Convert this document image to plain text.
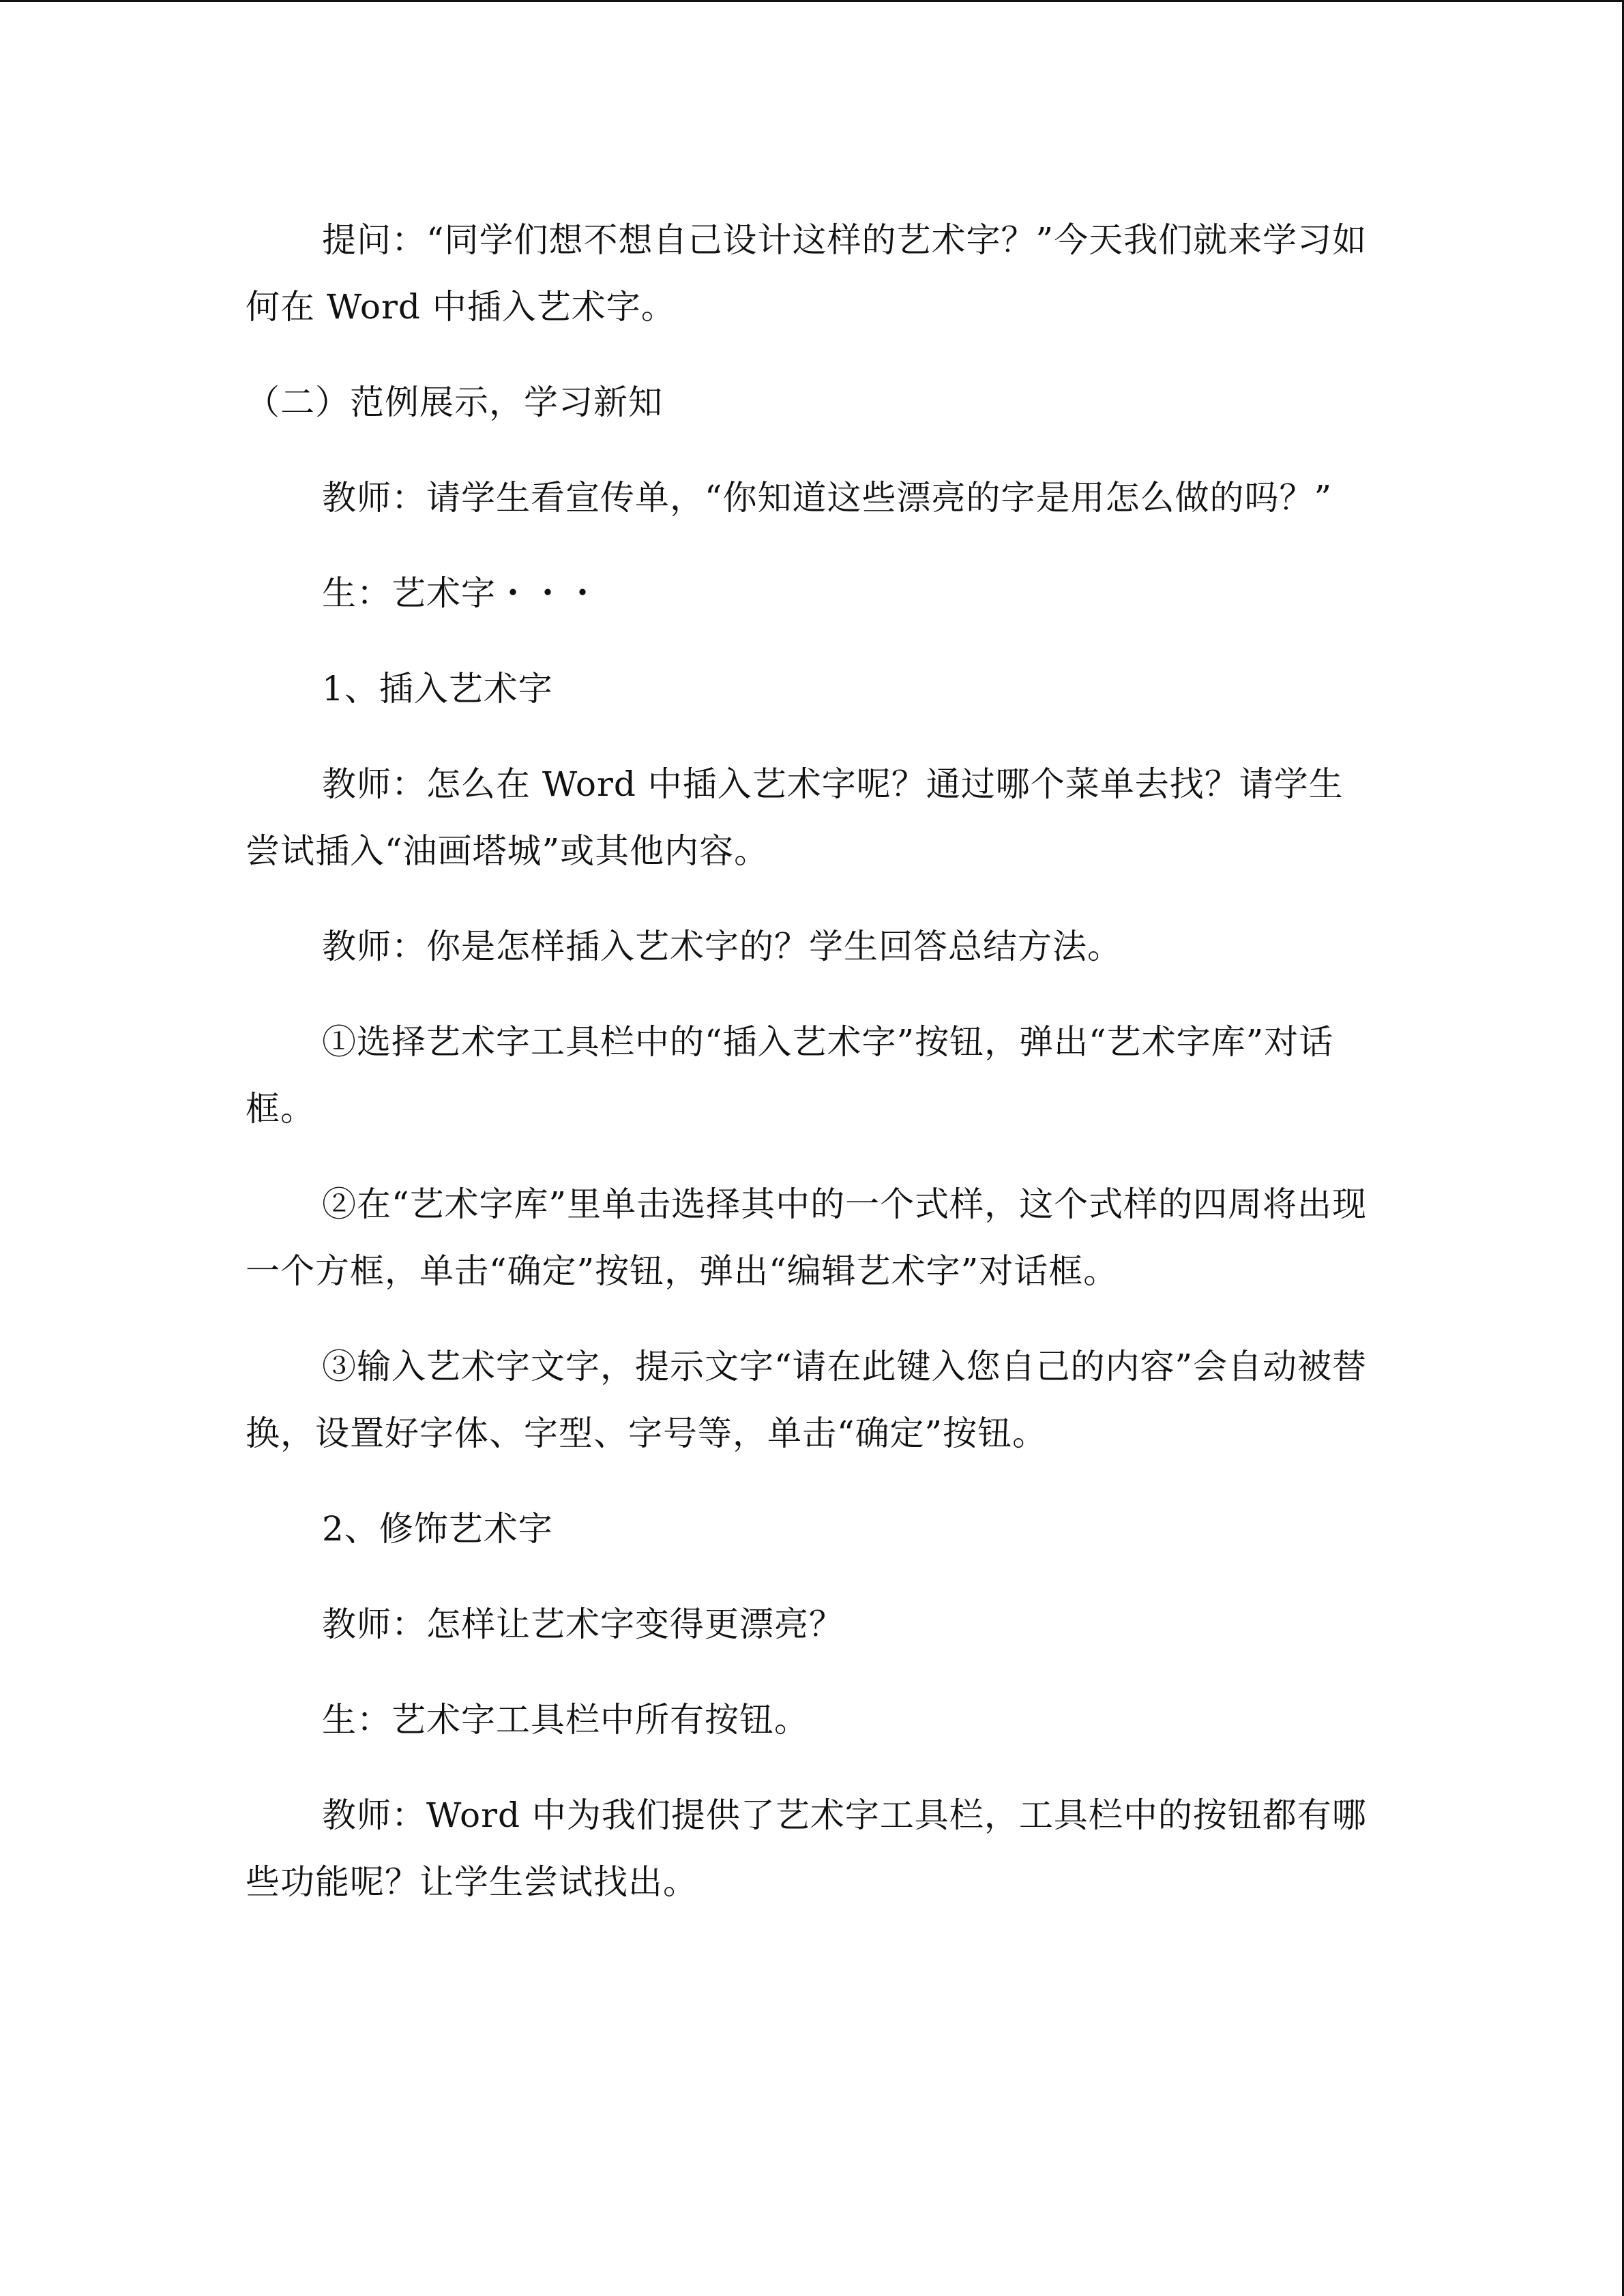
提问：“同学们想不想自己设计这样的艺术字？”今天我们就来学习如何在 Word 中插入艺术字。

（二）范例展示，学习新知

教师：请学生看宣传单，“你知道这些漂亮的字是用怎么做的吗？”

生：艺术字・・・

1、插入艺术字

教师：怎么在 Word 中插入艺术字呢？通过哪个菜单去找？请学生尝试插入“油画塔城”或其他内容。

教师：你是怎样插入艺术字的？学生回答总结方法。

①选择艺术字工具栏中的“插入艺术字”按钮，弹出“艺术字库”对话框。

②在“艺术字库”里单击选择其中的一个式样，这个式样的四周将出现一个方框，单击“确定”按钮，弹出“编辑艺术字”对话框。

③输入艺术字文字，提示文字“请在此键入您自己的内容”会自动被替换，设置好字体、字型、字号等，单击“确定”按钮。

2、修饰艺术字

教师：怎样让艺术字变得更漂亮？

生：艺术字工具栏中所有按钮。

教师：Word 中为我们提供了艺术字工具栏，工具栏中的按钮都有哪些功能呢？让学生尝试找出。
